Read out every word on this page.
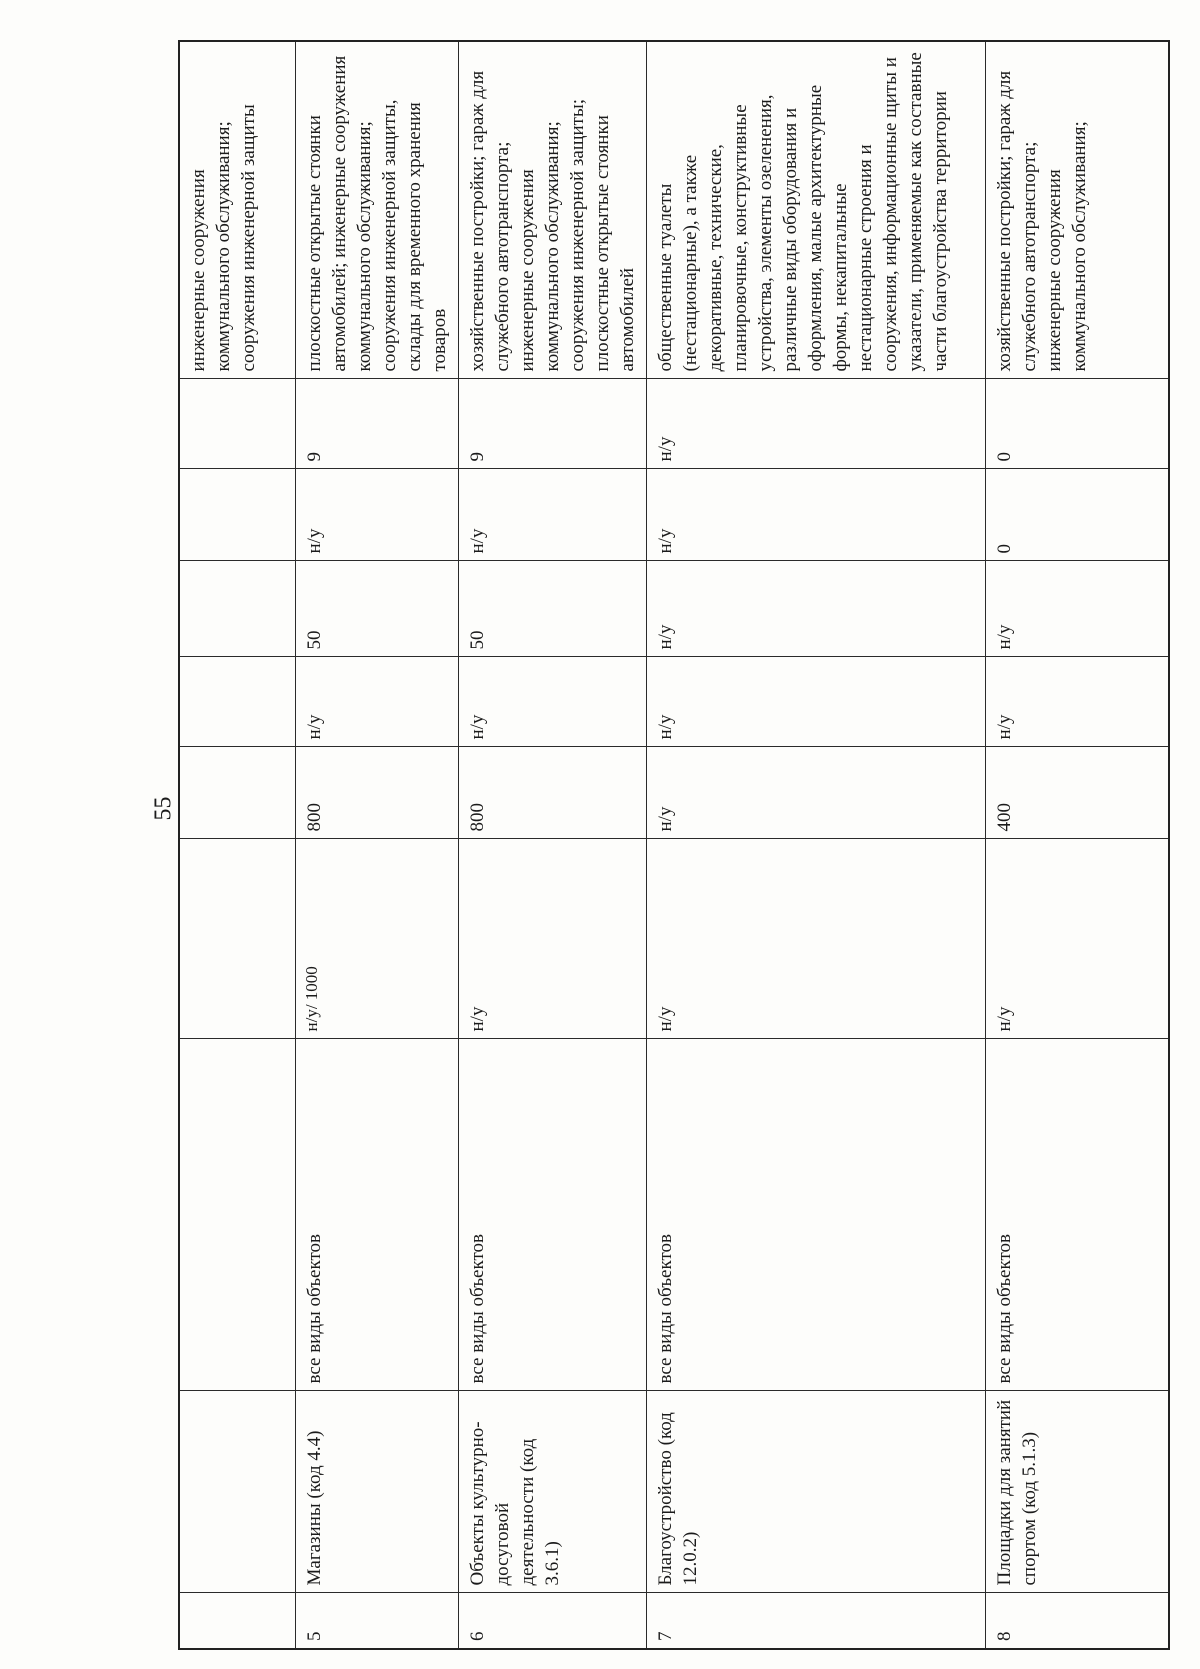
55
									инженерные сооружения коммунального обслуживания; сооружения инженерной защиты
5	Магазины (код 4.4)	все виды объектов	н/у/ 1000	800	н/у	50	н/у	9	плоскостные открытые стоянки автомобилей; инженерные сооружения коммунального обслуживания; сооружения инженерной защиты, склады для временного хранения товаров
6	Объекты культурно-досуговой деятельности (код 3.6.1)	все виды объектов	н/у	800	н/у	50	н/у	9	хозяйственные постройки; гараж для служебного автотранспорта; инженерные сооружения коммунального обслуживания; сооружения инженерной защиты; плоскостные открытые стоянки автомобилей
7	Благоустройство (код 12.0.2)	все виды объектов	н/у	н/у	н/у	н/у	н/у	н/у	общественные туалеты (нестационарные), а также декоративные, технические, планировочные, конструктивные устройства, элементы озеленения, различные виды оборудования и оформления, малые архитектурные формы, некапитальные нестационарные строения и сооружения, информационные щиты и указатели, применяемые как составные части благоустройства территории
8	Площадки для занятий спортом (код 5.1.3)	все виды объектов	н/у	400	н/у	н/у	0	0	хозяйственные постройки; гараж для служебного автотранспорта; инженерные сооружения коммунального обслуживания;
